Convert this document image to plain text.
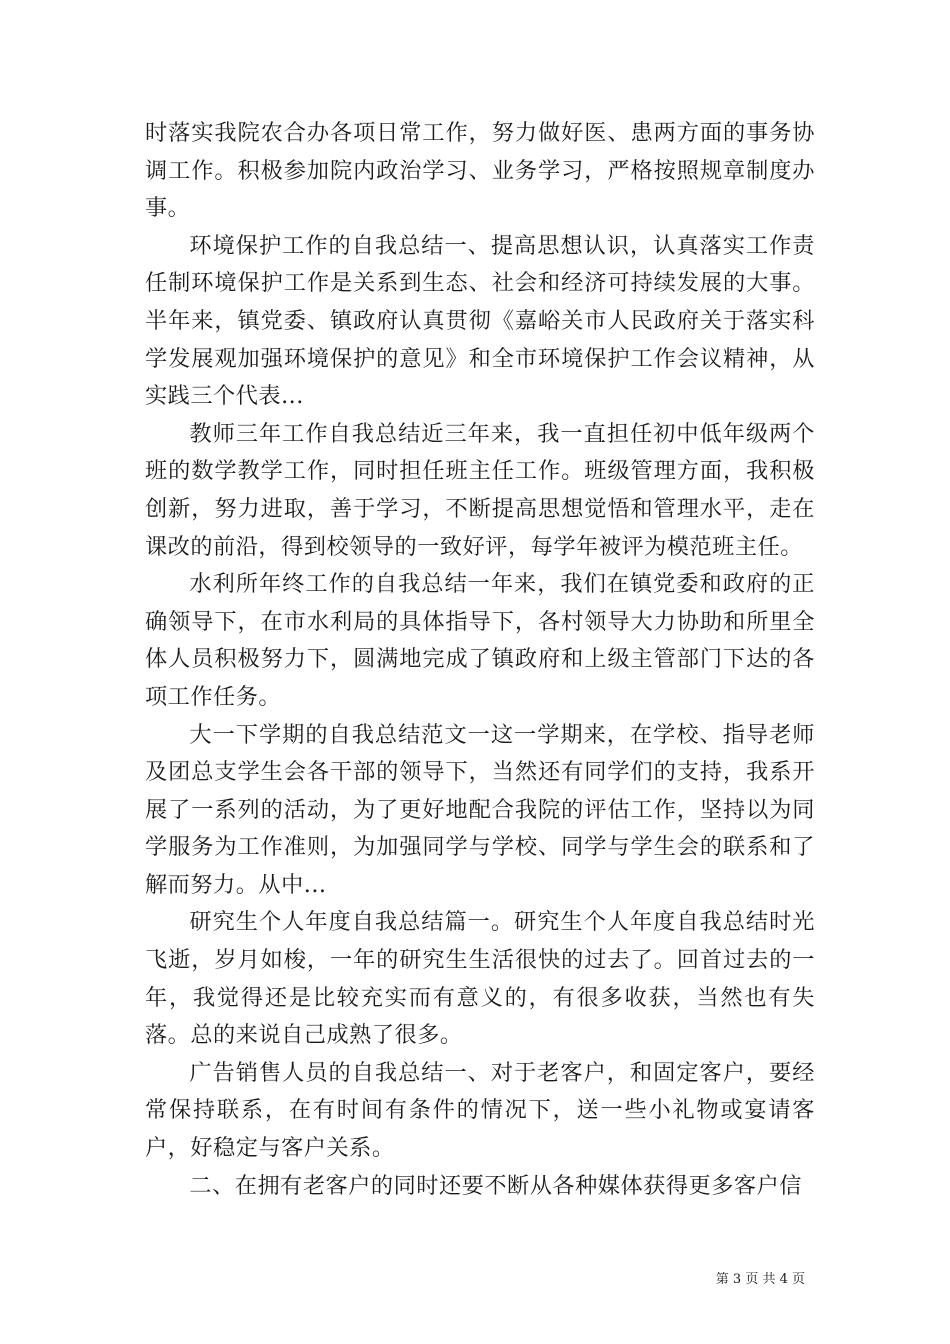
时落实我院农合办各项日常工作，努力做好医、患两方面的事务协调工作。积极参加院内政治学习、业务学习，严格按照规章制度办事。

环境保护工作的自我总结一、提高思想认识，认真落实工作责任制环境保护工作是关系到生态、社会和经济可持续发展的大事。半年来，镇党委、镇政府认真贯彻《嘉峪关市人民政府关于落实科学发展观加强环境保护的意见》和全市环境保护工作会议精神，从实践三个代表...

教师三年工作自我总结近三年来，我一直担任初中低年级两个班的数学教学工作，同时担任班主任工作。班级管理方面，我积极创新，努力进取，善于学习，不断提高思想觉悟和管理水平，走在课改的前沿，得到校领导的一致好评，每学年被评为模范班主任。

水利所年终工作的自我总结一年来，我们在镇党委和政府的正确领导下，在市水利局的具体指导下，各村领导大力协助和所里全体人员积极努力下，圆满地完成了镇政府和上级主管部门下达的各项工作任务。

大一下学期的自我总结范文一这一学期来，在学校、指导老师及团总支学生会各干部的领导下，当然还有同学们的支持，我系开展了一系列的活动，为了更好地配合我院的评估工作，坚持以为同学服务为工作准则，为加强同学与学校、同学与学生会的联系和了解而努力。从中...

研究生个人年度自我总结篇一。研究生个人年度自我总结时光飞逝，岁月如梭，一年的研究生生活很快的过去了。回首过去的一年，我觉得还是比较充实而有意义的，有很多收获，当然也有失落。总的来说自己成熟了很多。

广告销售人员的自我总结一、对于老客户，和固定客户，要经常保持联系，在有时间有条件的情况下，送一些小礼物或宴请客户，好稳定与客户关系。

二、在拥有老客户的同时还要不断从各种媒体获得更多客户信

第 3 页 共 4 页
